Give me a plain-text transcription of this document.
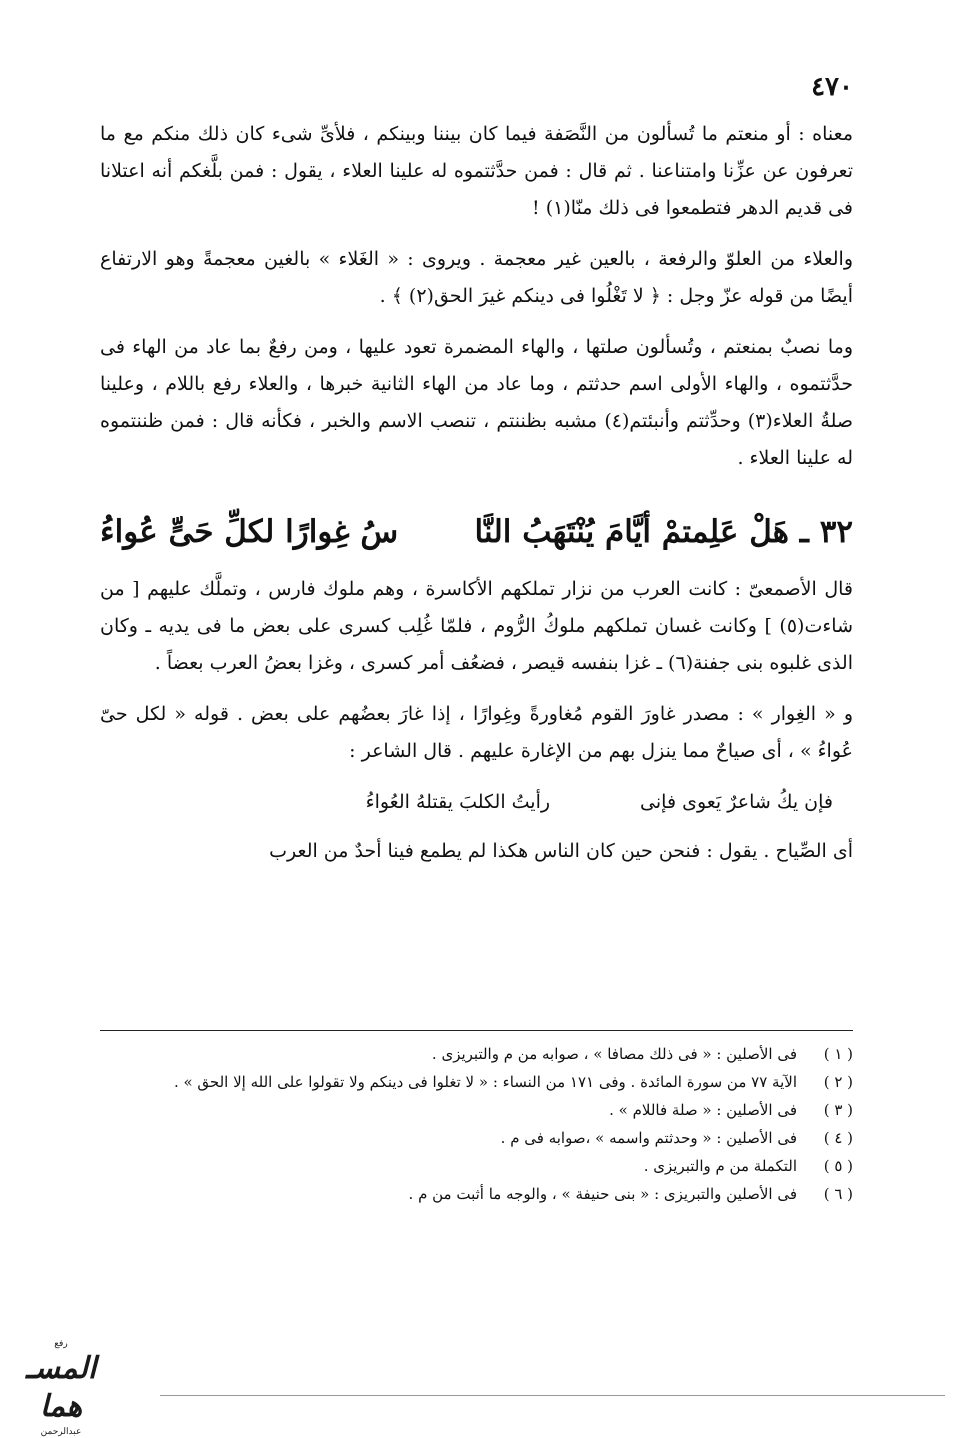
٤٧٠

معناه : أو منعتم ما تُسألون من النَّصَفة فيما كان بيننا وبينكم ، فلأىِّ شىء كان ذلك منكم مع ما تعرفون عن عزِّنا وامتناعنا . ثم قال : فمن حدَّثتموه له علينا العلاء ، يقول : فمن بلَّغكم أنه اعتلانا فى قديم الدهر فتطمعوا فى ذلك منّا(١) !

والعلاء من العلوّ والرفعة ، بالعين غير معجمة . ويروى : « الغَلاء » بالغين معجمةً وهو الارتفاع أيضًا من قوله عزّ وجل : ﴿ لا تَغْلُوا فى دينكم غيرَ الحق(٢) ﴾ .

وما نصبٌ بمنعتم ، وتُسألون صلتها ، والهاء المضمرة تعود عليها ، ومن رفعٌ بما عاد من الهاء فى حدَّثتموه ، والهاء الأولى اسم حدثتم ، وما عاد من الهاء الثانية خبرها ، والعلاء رفع باللام ، وعلينا صلةُ العلاء(٣) وحدِّثتم وأنبئتم(٤) مشبه بظننتم ، تنصب الاسم والخبر ، فكأنه قال : فمن ظننتموه له علينا العلاء .

٣٢ ـ هَلْ عَلِمتمْ أيَّامَ يُنْتَهَبُ النَّا
سُ غِوارًا لكلِّ حَىٍّ عُواءُ

قال الأصمعىّ : كانت العرب من نزار تملكهم الأكاسرة ، وهم ملوك فارس ، وتملَّك عليهم [ من شاءت(٥) ] وكانت غسان تملكهم ملوكُ الرُّوم ، فلمّا غُلِب كسرى على بعض ما فى يديه ـ وكان الذى غلبوه بنى جفنة(٦) ـ غزا بنفسه قيصر ، فضعُف أمر كسرى ، وغزا بعضُ العرب بعضاً .

و « الغِوار » : مصدر غاورَ القوم مُغاورةً وغِوارًا ، إذا غارَ بعضُهم على بعض . قوله « لكل حىّ عُواءُ » ، أى صياحٌ مما ينزل بهم من الإغارة عليهم . قال الشاعر :

فإن يكُ شاعرٌ يَعوى فإنى
رأيتُ الكلبَ يقتلهُ العُواءُ

أى الصِّياح . يقول : فنحن حين كان الناس هكذا لم يطمع فينا أحدٌ من العرب

( ١ )
فى الأصلين : « فى ذلك مصافا » ، صوابه من م والتبريزى .
( ٢ )
الآية ٧٧ من سورة المائدة . وفى ١٧١ من النساء : « لا تغلوا فى دينكم ولا تقولوا على الله إلا الحق » .
( ٣ )
فى الأصلين : « صلة فاللام » .
( ٤ )
فى الأصلين : « وحدثتم واسمه » ،صوابه فى م .
( ٥ )
التكملة من م والتبريزى .
( ٦ )
فى الأصلين والتبريزى : « بنى حنيفة » ، والوجه ما أثبت من م .
رفع
المسـ هما
عبدالرحمن
